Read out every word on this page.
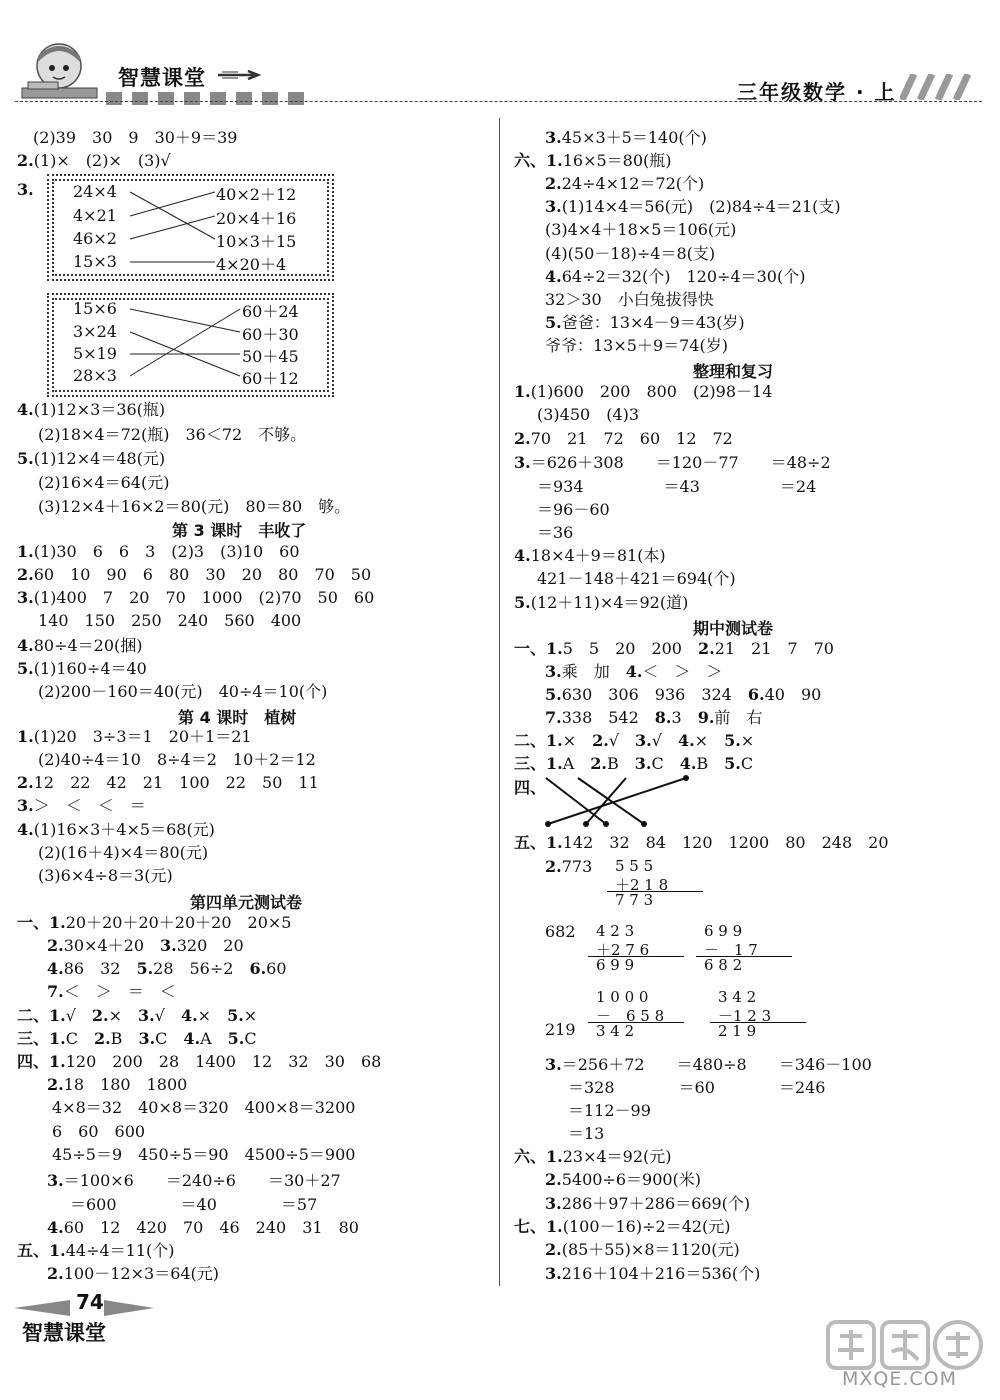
智慧课堂
三年级数学 · 上
(2)39　30　9　30＋9＝39
2.(1)×　(2)×　(3)√
3.
4.(1)12×3＝36(瓶)
(2)18×4＝72(瓶)　36＜72　不够。
5.(1)12×4＝48(元)
(2)16×4＝64(元)
(3)12×4＋16×2＝80(元)　80＝80　够。
1.(1)30　6　6　3　(2)3　(3)10　60
2.60　10　90　6　80　30　20　80　70　50
3.(1)400　7　20　70　1000　(2)70　50　60
140　150　250　240　560　400
4.80÷4＝20(捆)
5.(1)160÷4＝40
(2)200－160＝40(元)　40÷4＝10(个)
1.(1)20　3÷3＝1　20＋1＝21
(2)40÷4＝10　8÷4＝2　10＋2＝12
2.12　22　42　21　100　22　50　11
3.＞　＜　＜　＝
4.(1)16×3＋4×5＝68(元)
(2)(16＋4)×4＝80(元)
(3)6×4÷8＝3(元)
一、1.20＋20＋20＋20＋20　20×5
2.30×4＋20　3.320　20
4.86　32　5.28　56÷2　6.60
7.＜　＞　＝　＜
二、1.√　2.×　3.√　4.×　5.×
三、1.C　2.B　3.C　4.A　5.C
四、1.120　200　28　1400　12　32　30　68
2.18　180　1800
4×8＝32　40×8＝320　400×8＝3200
6　60　600
45÷5＝9　450÷5＝90　4500÷5＝900
3.＝100×6　　＝240÷6　　＝30＋27
＝600　　　　＝40　　　　＝57
4.60　12　420　70　46　240　31　80
五、1.44÷4＝11(个)
2.100－12×3＝64(元)
第 3 课时　丰收了
第 4 课时　植树
第四单元测试卷
3.45×3＋5＝140(个)
六、1.16×5＝80(瓶)
2.24÷4×12＝72(个)
3.(1)14×4＝56(元)　(2)84÷4＝21(支)
(3)4×4＋18×5＝106(元)
(4)(50－18)÷4＝8(支)
4.64÷2＝32(个)　120÷4＝30(个)
32＞30　小白兔拔得快
5.爸爸：13×4－9＝43(岁)
爷爷：13×5＋9＝74(岁)
1.(1)600　200　800　(2)98－14
(3)450　(4)3
2.70　21　72　60　12　72
3.＝626＋308　　＝120－77　　＝48÷2
＝934　　　　　＝43　　　　　＝24
＝96－60
＝36
4.18×4＋9＝81(本)
421－148＋421＝694(个)
5.(12＋11)×4＝92(道)
一、1.5　5　20　200　2.21　21　7　70
3.乘　加　4.＜　＞　＞
5.630　306　936　324　6.40　90
7.338　542　8.3　9.前　右
二、1.×　2.√　3.√　4.×　5.×
三、1.A　2.B　3.C　4.B　5.C
四、
五、1.142　32　84　120　1200　80　248　20
2.773
682
219
3.＝256＋72　　＝480÷8　　＝346－100
＝328　　　　＝60　　　　＝246
＝112－99
＝13
六、1.23×4＝92(元)
2.5400÷6＝900(米)
3.286＋97＋286＝669(个)
七、1.(100－16)÷2＝42(元)
2.(85＋55)×8＝1120(元)
3.216＋104＋216＝536(个)
整理和复习
期中测试卷
24×4
4×21
46×2
15×3
40×2＋12
20×4＋16
10×3＋15
4×20＋4
15×6
3×24
5×19
28×3
60＋24
60＋30
50＋45
60＋12
5 5 5
＋2 1 8
7 7 3
4 2 3
＋2 7 6
6 9 9
6 9 9
－　1 7
6 8 2
1 0 0 0
－　6 5 8
3 4 2
3 4 2
－1 2 3
2 1 9
74
智慧课堂
MXQE.COM
